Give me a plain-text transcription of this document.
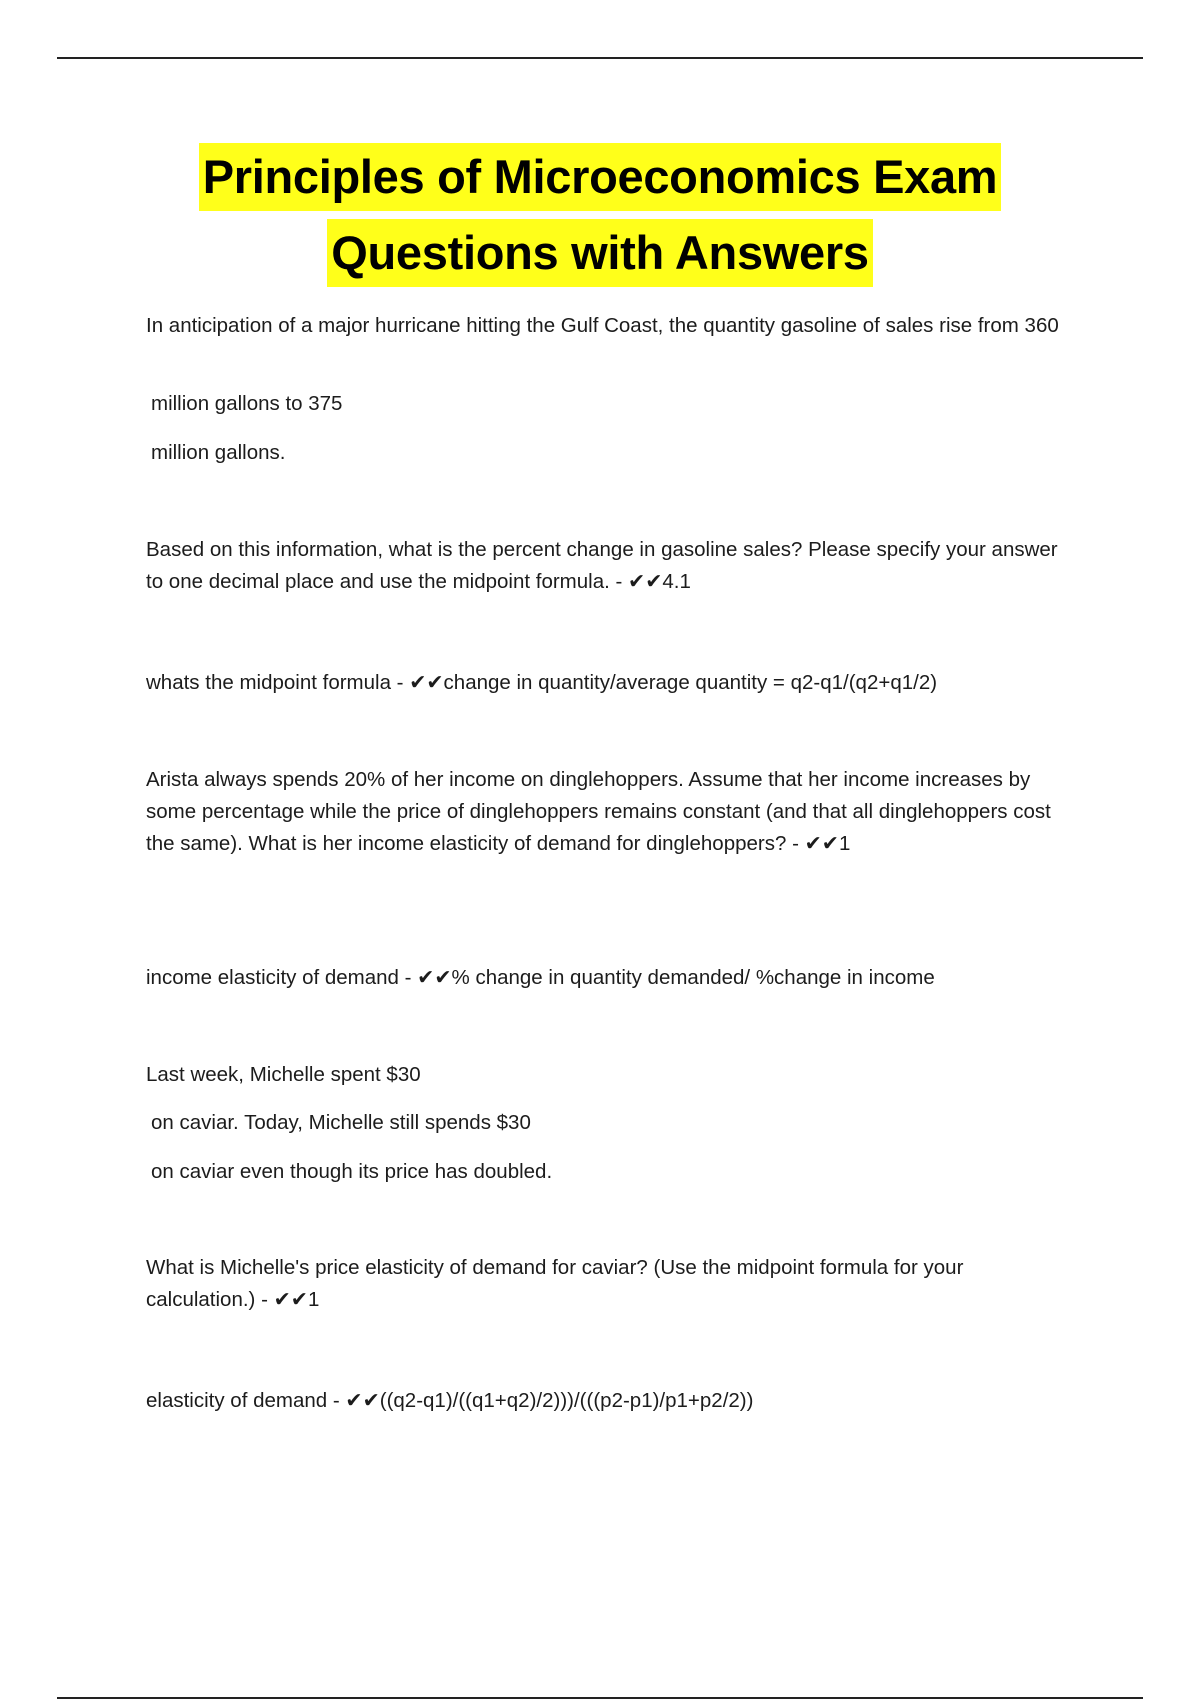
Principles of Microeconomics Exam
Questions with Answers
In anticipation of a major hurricane hitting the Gulf Coast, the quantity gasoline of sales rise from 360
million gallons to 375
million gallons.
Based on this information, what is the percent change in gasoline sales? Please specify your answer to one decimal place and use the midpoint formula. - ✔✔4.1
whats the midpoint formula - ✔✔change in quantity/average quantity = q2-q1/(q2+q1/2)
Arista always spends 20% of her income on dinglehoppers. Assume that her income increases by some percentage while the price of dinglehoppers remains constant (and that all dinglehoppers cost the same). What is her income elasticity of demand for dinglehoppers? - ✔✔1
income elasticity of demand - ✔✔% change in quantity demanded/ %change in income
Last week, Michelle spent $30
on caviar. Today, Michelle still spends $30
on caviar even though its price has doubled.
What is Michelle's price elasticity of demand for caviar? (Use the midpoint formula for your calculation.) - ✔✔1
elasticity of demand - ✔✔((q2-q1)/((q1+q2)/2)))/(((p2-p1)/p1+p2/2))
